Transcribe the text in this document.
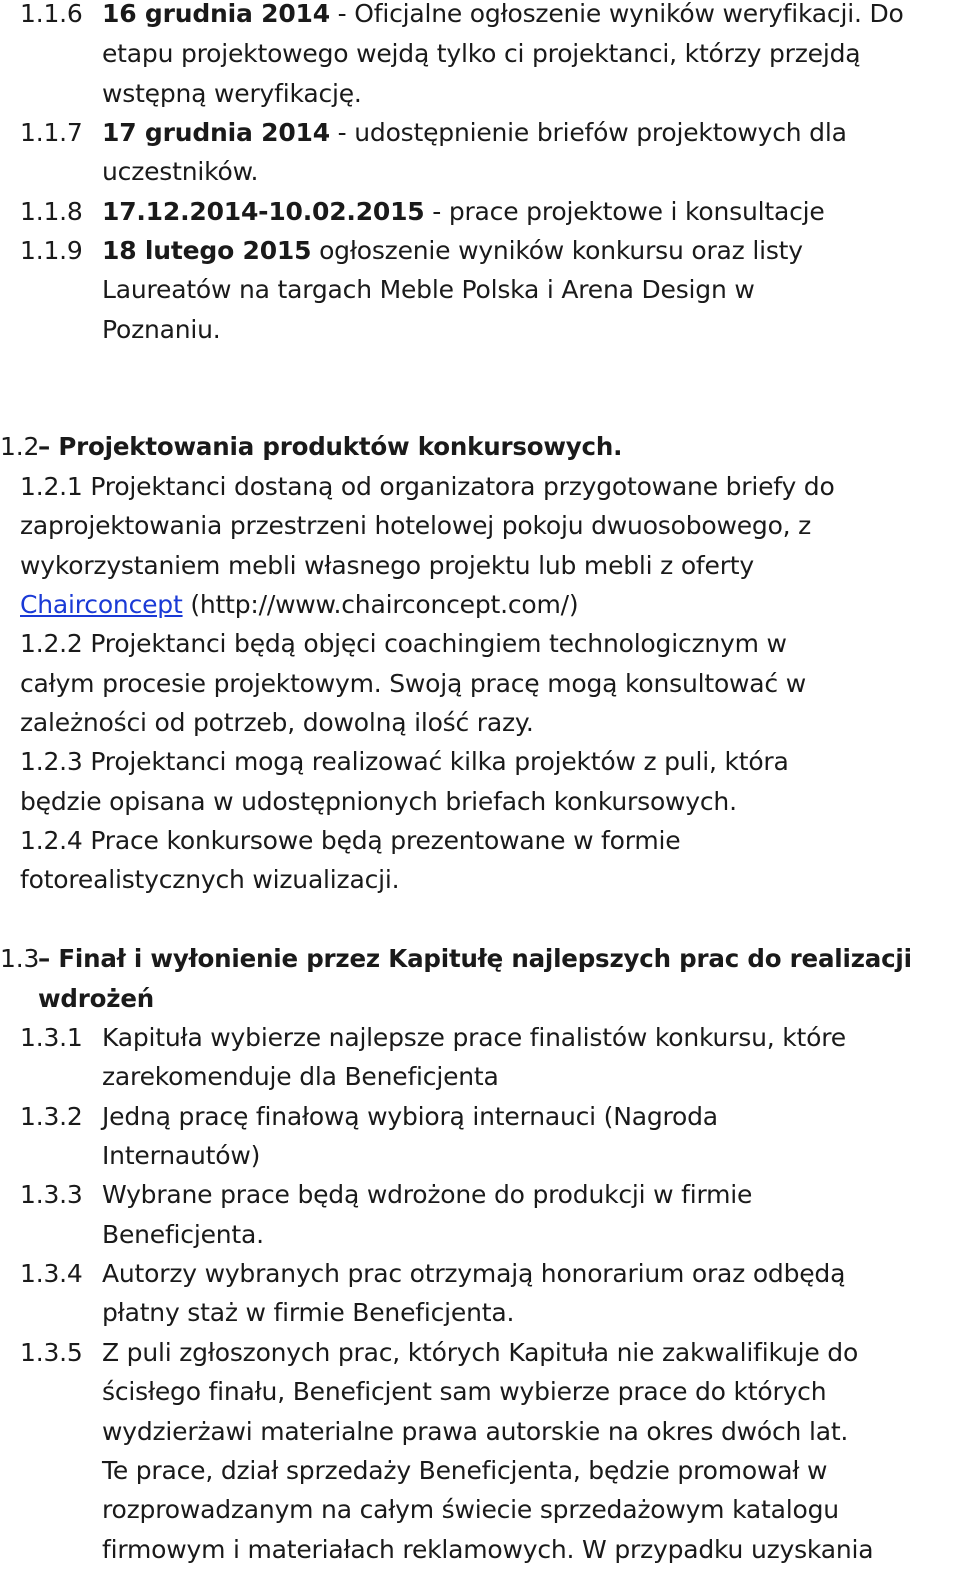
1.1.6 16 grudnia 2014 - Oficjalne ogłoszenie wyników weryfikacji. Do
etapu projektowego wejdą tylko ci projektanci, którzy przejdą
wstępną weryfikację.
1.1.7 17 grudnia 2014 - udostępnienie briefów projektowych dla
uczestników.
1.1.8 17.12.2014-10.02.2015 - prace projektowe i konsultacje
1.1.9 18 lutego 2015 ogłoszenie wyników konkursu oraz listy
Laureatów na targach Meble Polska i Arena Design w
Poznaniu.
1.2
– Projektowania produktów konkursowych.
1.2.1 Projektanci dostaną od organizatora przygotowane briefy do
zaprojektowania przestrzeni hotelowej pokoju dwuosobowego, z
wykorzystaniem mebli własnego projektu lub mebli z oferty
Chairconcept (http://www.chairconcept.com/)
1.2.2 Projektanci będą objęci coachingiem technologicznym w
całym procesie projektowym. Swoją pracę mogą konsultować w
zależności od potrzeb, dowolną ilość razy.
1.2.3 Projektanci mogą realizować kilka projektów z puli, która
będzie opisana w udostępnionych briefach konkursowych.
1.2.4 Prace konkursowe będą prezentowane w formie
fotorealistycznych wizualizacji.
1.3
– Finał i wyłonienie przez Kapitułę najlepszych prac do realizacji
wdrożeń
1.3.1 Kapituła wybierze najlepsze prace finalistów konkursu, które
zarekomenduje dla Beneficjenta
1.3.2 Jedną pracę finałową wybiorą internauci (Nagroda
Internautów)
1.3.3 Wybrane prace będą wdrożone do produkcji w firmie
Beneficjenta.
1.3.4 Autorzy wybranych prac otrzymają honorarium oraz odbędą
płatny staż w firmie Beneficjenta.
1.3.5 Z puli zgłoszonych prac, których Kapituła nie zakwalifikuje do
ścisłego finału, Beneficjent sam wybierze prace do których
wydzierżawi materialne prawa autorskie na okres dwóch lat.
Te prace, dział sprzedaży Beneficjenta, będzie promował w
rozprowadzanym na całym świecie sprzedażowym katalogu
firmowym i materiałach reklamowych. W przypadku uzyskania
